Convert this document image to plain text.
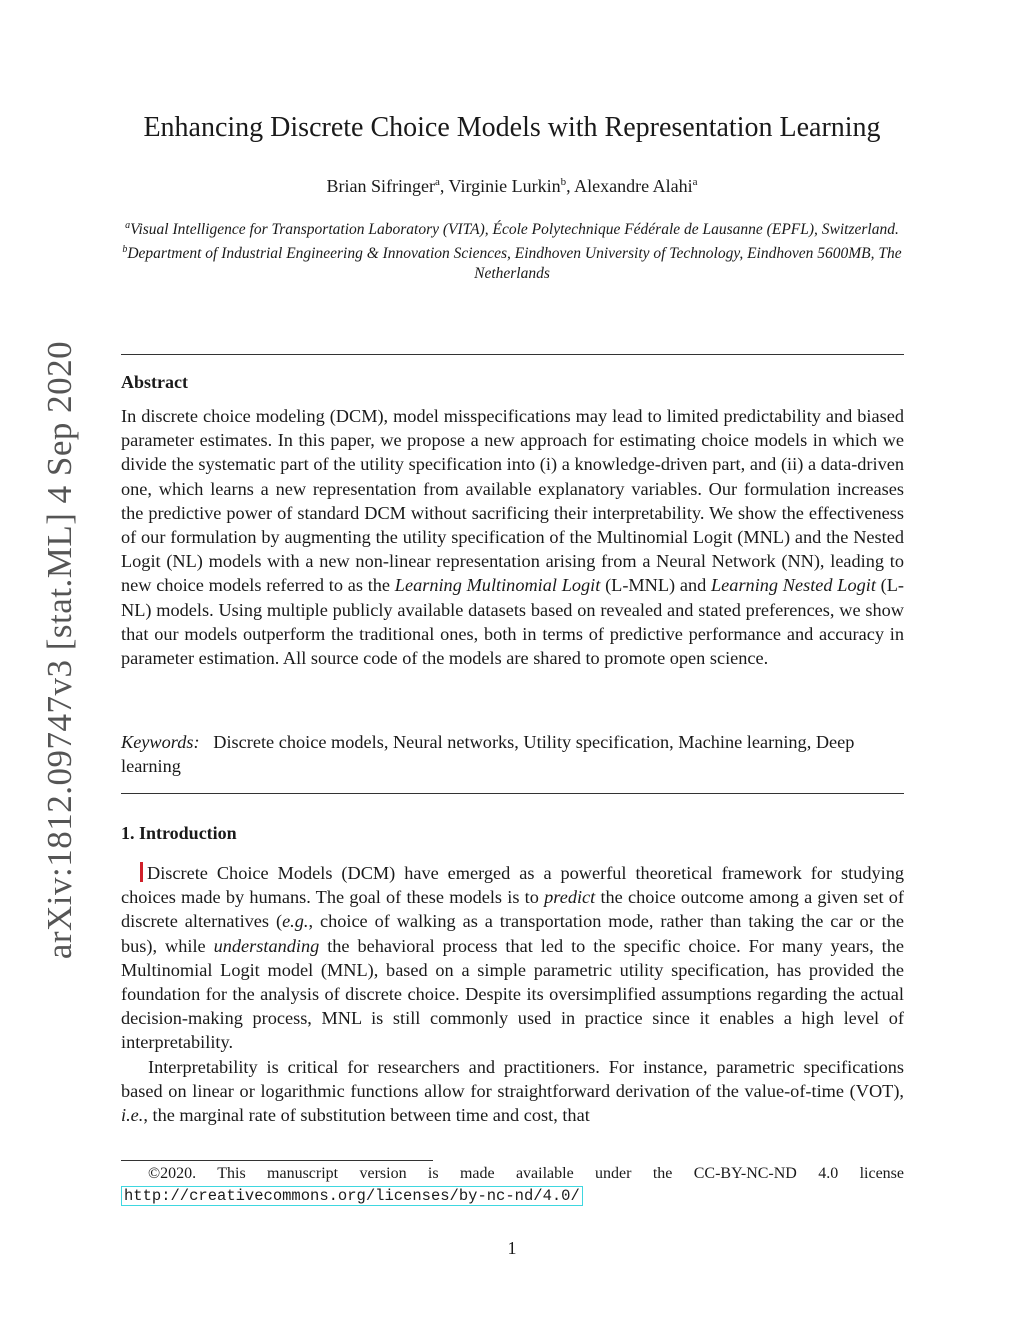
arXiv:1812.09747v3 [stat.ML] 4 Sep 2020
Enhancing Discrete Choice Models with Representation Learning
Brian Sifringer$^a$, Virginie Lurkin$^b$, Alexandre Alahi$^a$
$^a$Visual Intelligence for Transportation Laboratory (VITA), École Polytechnique Fédérale de Lausanne (EPFL), Switzerland.
$^b$Department of Industrial Engineering & Innovation Sciences, Eindhoven University of Technology, Eindhoven 5600MB, The Netherlands
Abstract

In discrete choice modeling (DCM), model misspecifications may lead to limited predictability and biased parameter estimates. In this paper, we propose a new approach for estimating choice models in which we divide the systematic part of the utility specification into (i) a knowledge-driven part, and (ii) a data-driven one, which learns a new representation from available explanatory variables. Our formulation increases the predictive power of standard DCM without sacrificing their interpretability. We show the effectiveness of our formulation by augmenting the utility specification of the Multinomial Logit (MNL) and the Nested Logit (NL) models with a new non-linear representation arising from a Neural Network (NN), leading to new choice models referred to as the Learning Multinomial Logit (L-MNL) and Learning Nested Logit (L-NL) models. Using multiple publicly available datasets based on revealed and stated preferences, we show that our models outperform the traditional ones, both in terms of predictive performance and accuracy in parameter estimation. All source code of the models are shared to promote open science.

Keywords: Discrete choice models, Neural networks, Utility specification, Machine learning, Deep learning

1. Introduction

Discrete Choice Models (DCM) have emerged as a powerful theoretical framework for studying choices made by humans. The goal of these models is to predict the choice outcome among a given set of discrete alternatives (e.g., choice of walking as a transportation mode, rather than taking the car or the bus), while understanding the behavioral process that led to the specific choice. For many years, the Multinomial Logit model (MNL), based on a simple parametric utility specification, has provided the foundation for the analysis of discrete choice. Despite its oversimplified assumptions regarding the actual decision-making process, MNL is still commonly used in practice since it enables a high level of interpretability.

Interpretability is critical for researchers and practitioners. For instance, parametric specifications based on linear or logarithmic functions allow for straightforward derivation of the value-of-time (VOT), i.e., the marginal rate of substitution between time and cost, that

©2020. This manuscript version is made available under the CC-BY-NC-ND 4.0 license
http://creativecommons.org/licenses/by-nc-nd/4.0/
1
